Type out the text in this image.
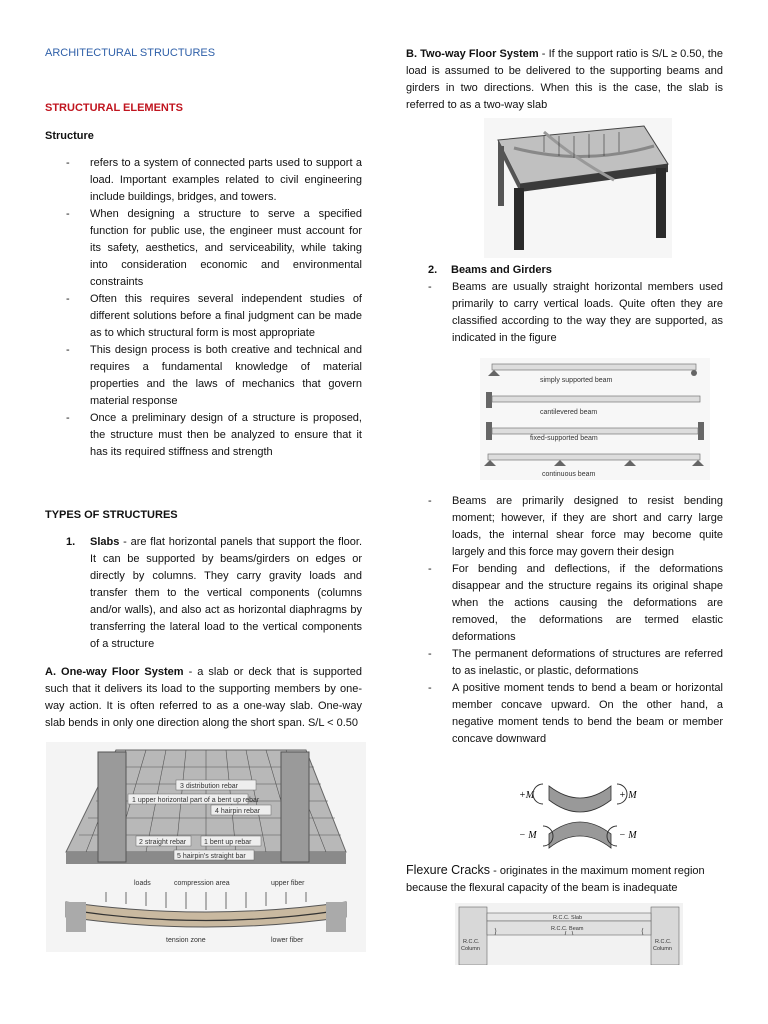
ARCHITECTURAL STRUCTURES
STRUCTURAL ELEMENTS
Structure
- refers to a system of connected parts used to support a load. Important examples related to civil engineering include buildings, bridges, and towers.
- When designing a structure to serve a specified function for public use, the engineer must account for its safety, aesthetics, and serviceability, while taking into consideration economic and environmental constraints
- Often this requires several independent studies of different solutions before a final judgment can be made as to which structural form is most appropriate
- This design process is both creative and technical and requires a fundamental knowledge of material properties and the laws of mechanics that govern material response
- Once a preliminary design of a structure is proposed, the structure must then be analyzed to ensure that it has its required stiffness and strength
TYPES OF STRUCTURES
1. Slabs - are flat horizontal panels that support the floor. It can be supported by beams/girders on edges or directly by columns. They carry gravity loads and transfer them to the vertical components (columns and/or walls), and also act as horizontal diaphragms by transferring the lateral load to the vertical components of a structure
A. One-way Floor System - a slab or deck that is supported such that it delivers its load to the supporting members by one-way action. It is often referred to as a one-way slab. One-way slab bends in only one direction along the short span. S/L < 0.50
3 distribution rebar
1 upper horizontal part of a bent up rebar
4 hairpin rebar
2 straight rebar	1 bent up rebar
5 hairpin's straight bar
loads	compression area	upper fiber
tension zone	lower fiber
B. Two-way Floor System - If the support ratio is S/L ≥ 0.50, the load is assumed to be delivered to the supporting beams and girders in two directions. When this is the case, the slab is referred to as a two-way slab
2. Beams and Girders
- Beams are usually straight horizontal members used primarily to carry vertical loads. Quite often they are classified according to the way they are supported, as indicated in the figure
simply supported beam
cantilevered beam
fixed-supported beam
continuous beam
- Beams are primarily designed to resist bending moment; however, if they are short and carry large loads, the internal shear force may become quite largely and this force may govern their design
- For bending and deflections, if the deformations disappear and the structure regains its original shape when the actions causing the deformations are removed, the deformations are termed elastic deformations
- The permanent deformations of structures are referred to as inelastic, or plastic, deformations
- A positive moment tends to bend a beam or horizontal member concave upward. On the other hand, a negative moment tends to bend the beam or member concave downward
+M	+ M
− M	− M
Flexure Cracks - originates in the maximum moment region because the flexural capacity of the beam is inadequate
R.C.C. Slab
R.C.C. Beam
R.C.C.
Column
R.C.C.
Column
